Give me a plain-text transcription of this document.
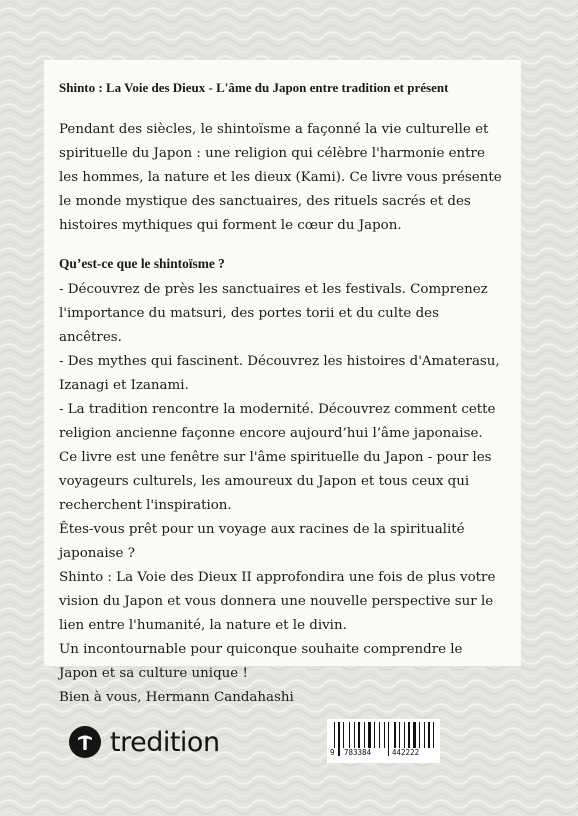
Shinto : La Voie des Dieux - L'âme du Japon entre tradition et présent

Pendant des siècles, le shintoïsme a façonné la vie culturelle et spirituelle du Japon : une religion qui célèbre l'harmonie entre les hommes, la nature et les dieux (Kami). Ce livre vous présente le monde mystique des sanctuaires, des rituels sacrés et des histoires mythiques qui forment le cœur du Japon.

Qu’est-ce que le shintoïsme ?

- Découvrez de près les sanctuaires et les festivals. Comprenez l'importance du matsuri, des portes torii et du culte des ancêtres.

- Des mythes qui fascinent. Découvrez les histoires d'Amaterasu, Izanagi et Izanami.

- La tradition rencontre la modernité. Découvrez comment cette religion ancienne façonne encore aujourd’hui l’âme japonaise.

Ce livre est une fenêtre sur l'âme spirituelle du Japon - pour les voyageurs culturels, les amoureux du Japon et tous ceux qui recherchent l'inspiration.

Êtes-vous prêt pour un voyage aux racines de la spiritualité japonaise ?

Shinto : La Voie des Dieux II approfondira une fois de plus votre vision du Japon et vous donnera une nouvelle perspective sur le lien entre l'humanité, la nature et le divin.

Un incontournable pour quiconque souhaite comprendre le Japon et sa culture unique !

Bien à vous, Hermann Candahashi

tredition	9 783384	442222
